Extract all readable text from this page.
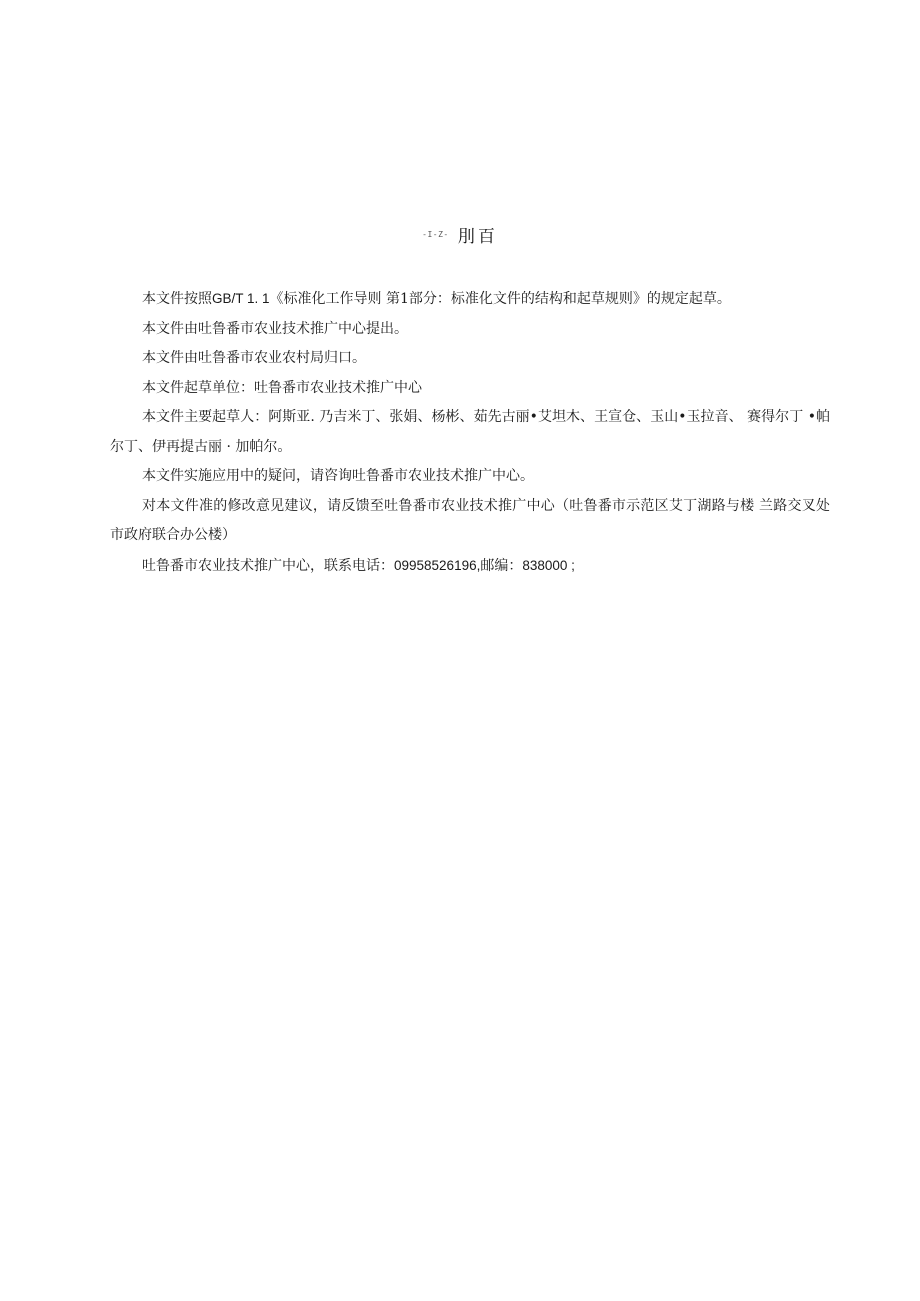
-I-Z- 刖百

本文件按照GB/T 1. 1《标准化工作导则 第1部分：标准化文件的结构和起草规则》的规定起草。

本文件由吐鲁番市农业技术推广中心提出。

本文件由吐鲁番市农业农村局归口。

本文件起草单位：吐鲁番市农业技术推广中心

本文件主要起草人：阿斯亚. 乃吉米丁、张娟、杨彬、茹先古丽•艾坦木、王宣仓、玉山•玉拉音、 赛得尔丁 •帕尔丁、伊再提古丽 · 加帕尔。

本文件实施应用中的疑问，请咨询吐鲁番市农业技术推广中心。

对本文件准的修改意见建议，请反馈至吐鲁番市农业技术推广中心（吐鲁番市示范区艾丁湖路与楼 兰路交叉处市政府联合办公楼）

吐鲁番市农业技术推广中心，联系电话：09958526196,邮编：838000 ;
